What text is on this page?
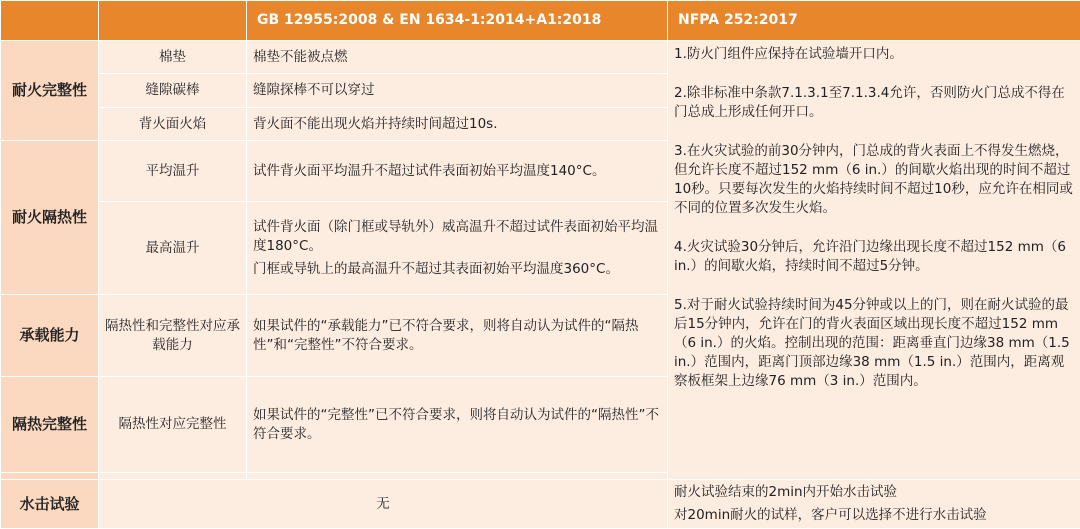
		GB 12955:2008 & EN 1634-1:2014+A1:2018	NFPA 252:2017
耐火完整性	棉垫	棉垫不能被点燃	1.防火门组件应保持在试验墙开口内。

2.除非标准中条款7.1.3.1至7.1.3.4允许，否则防火门总成不得在门总成上形成任何开口。

3.在火灾试验的前30分钟内，门总成的背火表面上不得发生燃烧，但允许长度不超过152 mm（6 in.）的间歇火焰出现的时间不超过10秒。只要每次发生的火焰持续时间不超过10秒，应允许在相同或不同的位置多次发生火焰。

4.火灾试验30分钟后，允许沿门边缘出现长度不超过152 mm（6 in.）的间歇火焰，持续时间不超过5分钟。

5.对于耐火试验持续时间为45分钟或以上的门，则在耐火试验的最后15分钟内，允许在门的背火表面区域出现长度不超过152 mm（6 in.）的火焰。控制出现的范围：距离垂直门边缘38 mm（1.5 in.）范围内，距离门顶部边缘38 mm（1.5 in.）范围内，距离观察板框架上边缘76 mm（3 in.）范围内。

	缝隙碳棒	缝隙探棒不可以穿过	
	背火面火焰	背火面不能出现火焰并持续时间超过10s.	
耐火隔热性	平均温升	试件背火面平均温升不超过试件表面初始平均温度140°C。	
	最高温升	试件背火面（除门框或导轨外）威高温升不超过试件表面初始平均温度180°C。

门框或导轨上的最高温升不超过其表面初始平均温度360°C。	

承载能力	隔热性和完整性对应承载能力	如果试件的“承载能力”已不符合要求，则将自动认为试件的“隔热性”和“完整性”不符合要求。	
隔热完整性	隔热性对应完整性	如果试件的“完整性”已不符合要求，则将自动认为试件的“隔热性”不符合要求。	

水击试验	无		耐火试验结束的2min内开始水击试验

对20min耐火的试样，客户可以选择不进行水击试验
